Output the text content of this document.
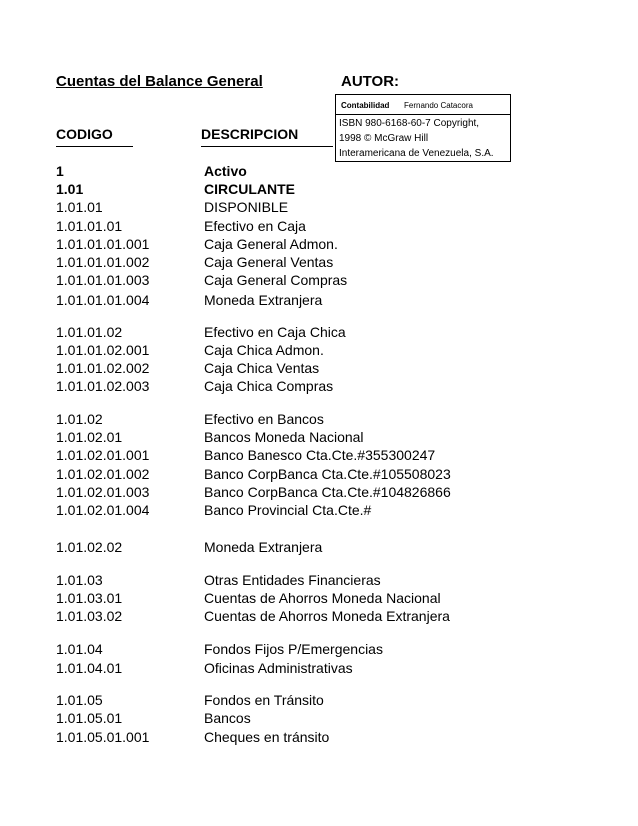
Cuentas del Balance General	AUTOR:
Contabilidad Fernando Catacora
ISBN 980-6168-60-7 Copyright,
1998 © McGraw Hill
Interamericana de Venezuela, S.A.
CODIGO	DESCRIPCION
1	Activo
1.01	CIRCULANTE
1.01.01	DISPONIBLE
1.01.01.01	Efectivo en Caja
1.01.01.01.001	Caja General Admon.
1.01.01.01.002	Caja General Ventas
1.01.01.01.003	Caja General Compras
1.01.01.01.004	Moneda Extranjera
1.01.01.02	Efectivo en Caja Chica
1.01.01.02.001	Caja Chica Admon.
1.01.01.02.002	Caja Chica Ventas
1.01.01.02.003	Caja Chica Compras
1.01.02	Efectivo en Bancos
1.01.02.01	Bancos Moneda Nacional
1.01.02.01.001	Banco Banesco Cta.Cte.#355300247
1.01.02.01.002	Banco CorpBanca Cta.Cte.#105508023
1.01.02.01.003	Banco CorpBanca Cta.Cte.#104826866
1.01.02.01.004	Banco Provincial Cta.Cte.#
1.01.02.02	Moneda Extranjera
1.01.03	Otras Entidades Financieras
1.01.03.01	Cuentas de Ahorros Moneda Nacional
1.01.03.02	Cuentas de Ahorros Moneda Extranjera
1.01.04	Fondos Fijos P/Emergencias
1.01.04.01	Oficinas Administrativas
1.01.05	Fondos en Tránsito
1.01.05.01	Bancos
1.01.05.01.001	Cheques en tránsito
